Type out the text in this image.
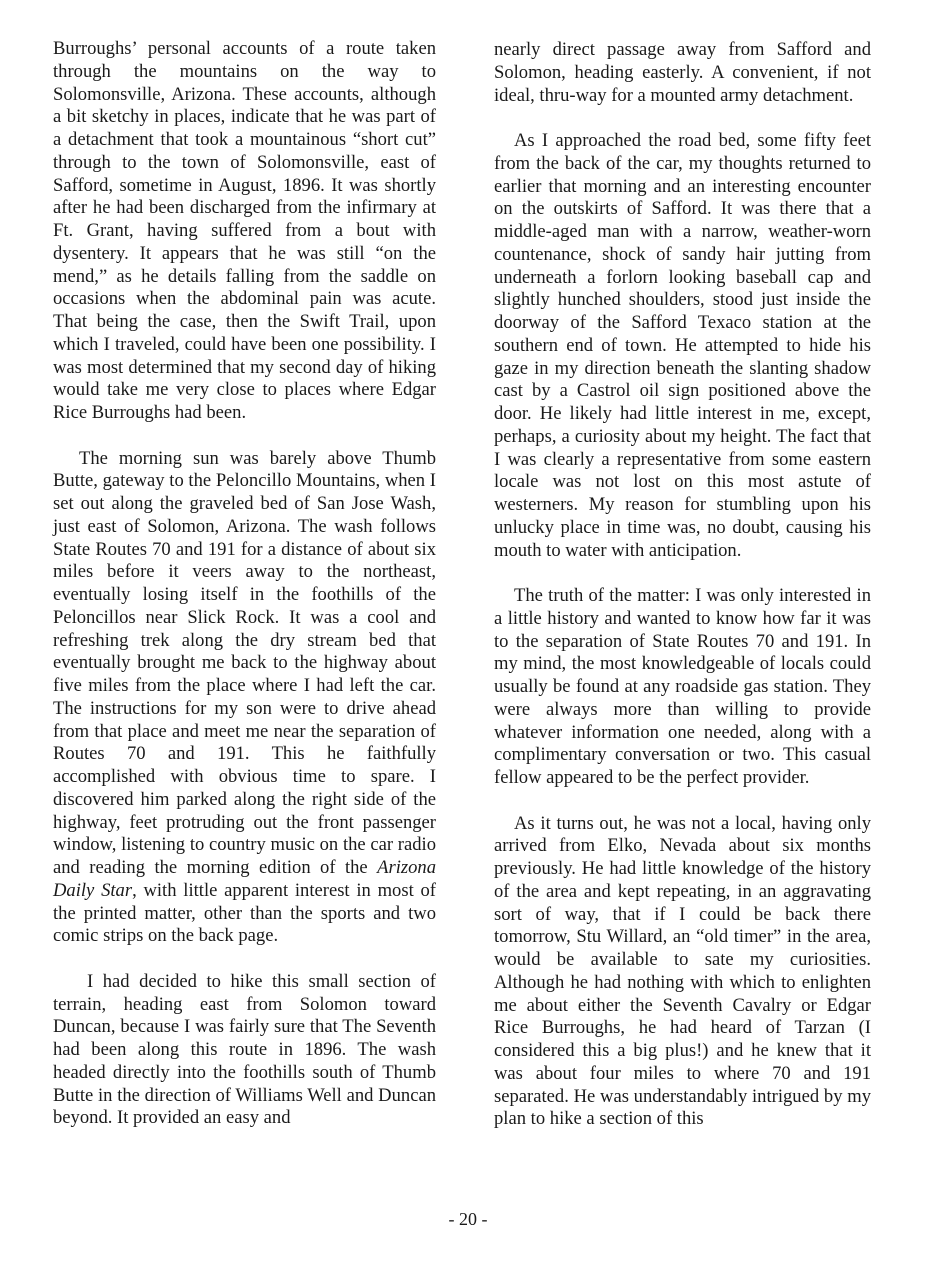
Burroughs’ personal accounts of a route taken through the mountains on the way to Solomonsville, Arizona. These accounts, although a bit sketchy in places, indicate that he was part of a detachment that took a mountainous “short cut” through to the town of Solomonsville, east of Safford, sometime in August, 1896. It was shortly after he had been discharged from the infirmary at Ft. Grant, having suffered from a bout with dysentery. It appears that he was still “on the mend,” as he details falling from the saddle on occasions when the abdominal pain was acute. That being the case, then the Swift Trail, upon which I traveled, could have been one possibility. I was most determined that my second day of hiking would take me very close to places where Edgar Rice Burroughs had been.

The morning sun was barely above Thumb Butte, gateway to the Peloncillo Mountains, when I set out along the graveled bed of San Jose Wash, just east of Solomon, Arizona. The wash follows State Routes 70 and 191 for a distance of about six miles before it veers away to the northeast, eventually losing itself in the foothills of the Peloncillos near Slick Rock. It was a cool and refreshing trek along the dry stream bed that eventually brought me back to the highway about five miles from the place where I had left the car. The instructions for my son were to drive ahead from that place and meet me near the separation of Routes 70 and 191. This he faithfully accomplished with obvious time to spare. I discovered him parked along the right side of the highway, feet protruding out the front passenger window, listening to country music on the car radio and reading the morning edition of the Arizona Daily Star, with little apparent interest in most of the printed matter, other than the sports and two comic strips on the back page.

I had decided to hike this small section of terrain, heading east from Solomon toward Duncan, because I was fairly sure that The Seventh had been along this route in 1896. The wash headed directly into the foothills south of Thumb Butte in the direction of Williams Well and Duncan beyond. It provided an easy and

nearly direct passage away from Safford and Solomon, heading easterly. A convenient, if not ideal, thru-way for a mounted army detachment.

As I approached the road bed, some fifty feet from the back of the car, my thoughts returned to earlier that morning and an interesting encounter on the outskirts of Safford. It was there that a middle-aged man with a narrow, weather-worn countenance, shock of sandy hair jutting from underneath a forlorn looking baseball cap and slightly hunched shoulders, stood just inside the doorway of the Safford Texaco station at the southern end of town. He attempted to hide his gaze in my direction beneath the slanting shadow cast by a Castrol oil sign positioned above the door. He likely had little interest in me, except, perhaps, a curiosity about my height. The fact that I was clearly a representative from some eastern locale was not lost on this most astute of westerners. My reason for stumbling upon his unlucky place in time was, no doubt, causing his mouth to water with anticipation.

The truth of the matter: I was only interested in a little history and wanted to know how far it was to the separation of State Routes 70 and 191. In my mind, the most knowledgeable of locals could usually be found at any roadside gas station. They were always more than willing to provide whatever information one needed, along with a complimentary conversation or two. This casual fellow appeared to be the perfect provider.

As it turns out, he was not a local, having only arrived from Elko, Nevada about six months previously. He had little knowledge of the history of the area and kept repeating, in an aggravating sort of way, that if I could be back there tomorrow, Stu Willard, an “old timer” in the area, would be available to sate my curiosities. Although he had nothing with which to enlighten me about either the Seventh Cavalry or Edgar Rice Burroughs, he had heard of Tarzan (I considered this a big plus!) and he knew that it was about four miles to where 70 and 191 separated. He was understandably intrigued by my plan to hike a section of this

- 20 -
